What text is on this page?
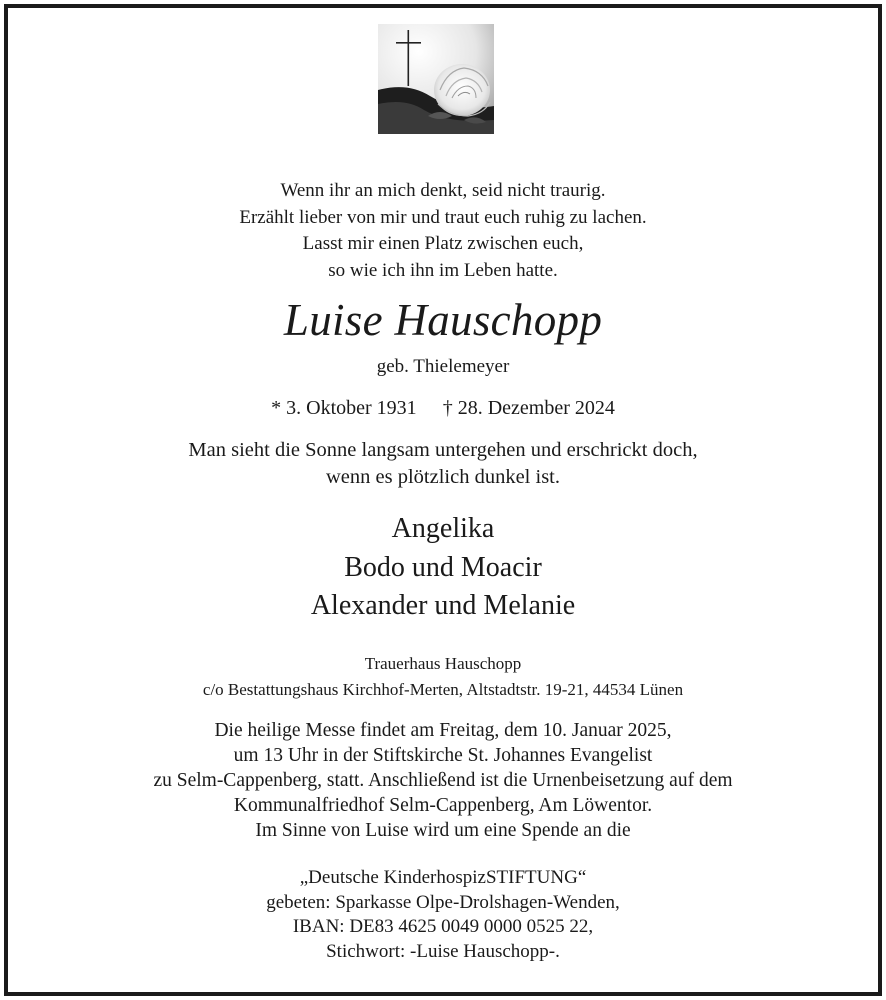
Wenn ihr an mich denkt, seid nicht traurig.
Erzählt lieber von mir und traut euch ruhig zu lachen.
Lasst mir einen Platz zwischen euch,
so wie ich ihn im Leben hatte.
Luise Hauschopp
geb. Thielemeyer
* 3. Oktober 1931 † 28. Dezember 2024
Man sieht die Sonne langsam untergehen und erschrickt doch,
wenn es plötzlich dunkel ist.
Angelika
Bodo und Moacir
Alexander und Melanie
Trauerhaus Hauschopp
c/o Bestattungshaus Kirchhof-Merten, Altstadtstr. 19-21, 44534 Lünen
Die heilige Messe findet am Freitag, dem 10. Januar 2025,
um 13 Uhr in der Stiftskirche St. Johannes Evangelist
zu Selm-Cappenberg, statt. Anschließend ist die Urnenbeisetzung auf dem
Kommunalfriedhof Selm-Cappenberg, Am Löwentor.
Im Sinne von Luise wird um eine Spende an die
„Deutsche KinderhospizSTIFTUNG“
gebeten: Sparkasse Olpe-Drolshagen-Wenden,
IBAN: DE83 4625 0049 0000 0525 22,
Stichwort: -Luise Hauschopp-.
